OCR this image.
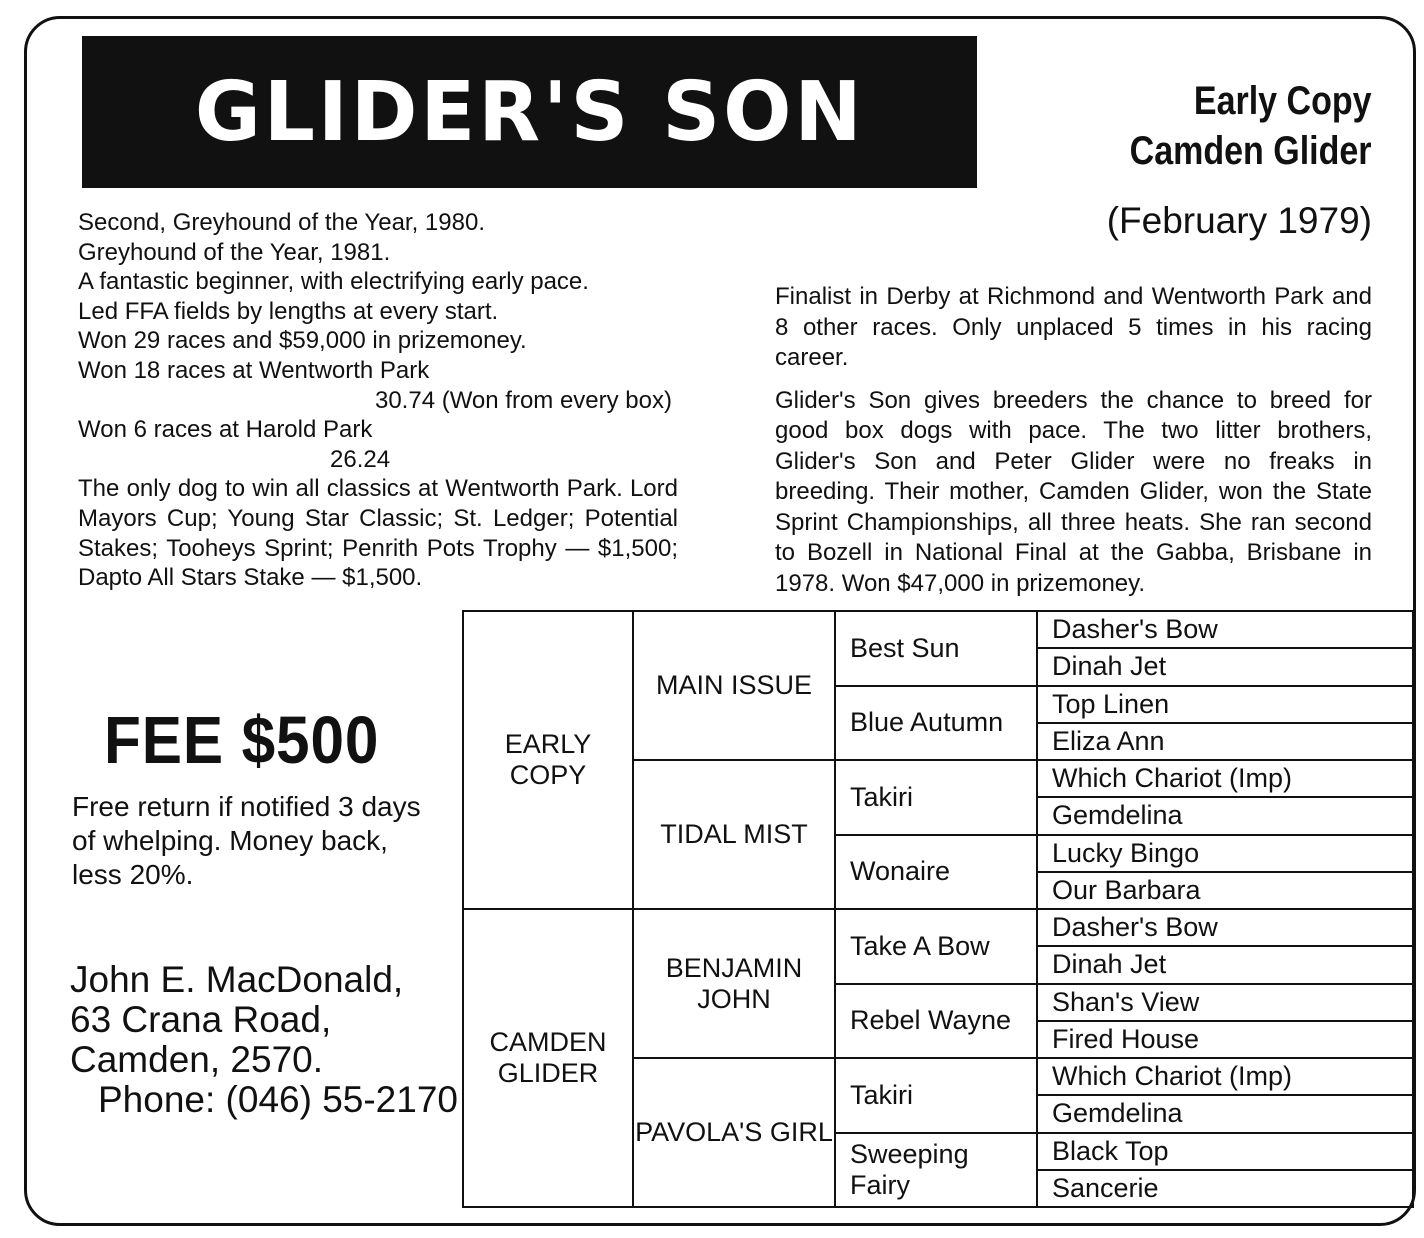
GLIDER'S SON	Early Copy
Camden Glider
(February 1979)

Second, Greyhound of the Year, 1980.

Greyhound of the Year, 1981.

A fantastic beginner, with electrifying early pace.

Led FFA fields by lengths at every start.

Won 29 races and $59,000 in prizemoney.

Won 18 races at Wentworth Park

30.74 (Won from every box)

Won 6 races at Harold Park

26.24

The only dog to win all classics at Wentworth Park. Lord Mayors Cup; Young Star Classic; St. Ledger; Potential Stakes; Tooheys Sprint; Penrith Pots Trophy — $1,500; Dapto All Stars Stake — $1,500.

Finalist in Derby at Richmond and Wentworth Park and 8 other races. Only unplaced 5 times in his racing career.

Glider's Son gives breeders the chance to breed for good box dogs with pace. The two litter brothers, Glider's Son and Peter Glider were no freaks in breeding. Their mother, Camden Glider, won the State Sprint Championships, all three heats. She ran second to Bozell in National Final at the Gabba, Brisbane in 1978. Won $47,000 in prizemoney.

FEE $500
Free return if notified 3 days of whelping. Money back, less 20%.
John E. MacDonald,
63 Crana Road,
Camden, 2570.
Phone: (046) 55-2170
EARLY COPY	MAIN ISSUE	Best Sun	Dasher's Bow
			Dinah Jet
		Blue Autumn	Top Linen
			Eliza Ann
	TIDAL MIST	Takiri	Which Chariot (Imp)
			Gemdelina
		Wonaire	Lucky Bingo
			Our Barbara
CAMDEN GLIDER	BENJAMIN JOHN	Take A Bow	Dasher's Bow
			Dinah Jet
		Rebel Wayne	Shan's View
			Fired House
	PAVOLA'S GIRL	Takiri	Which Chariot (Imp)
			Gemdelina
		Sweeping Fairy	Black Top
			Sancerie
